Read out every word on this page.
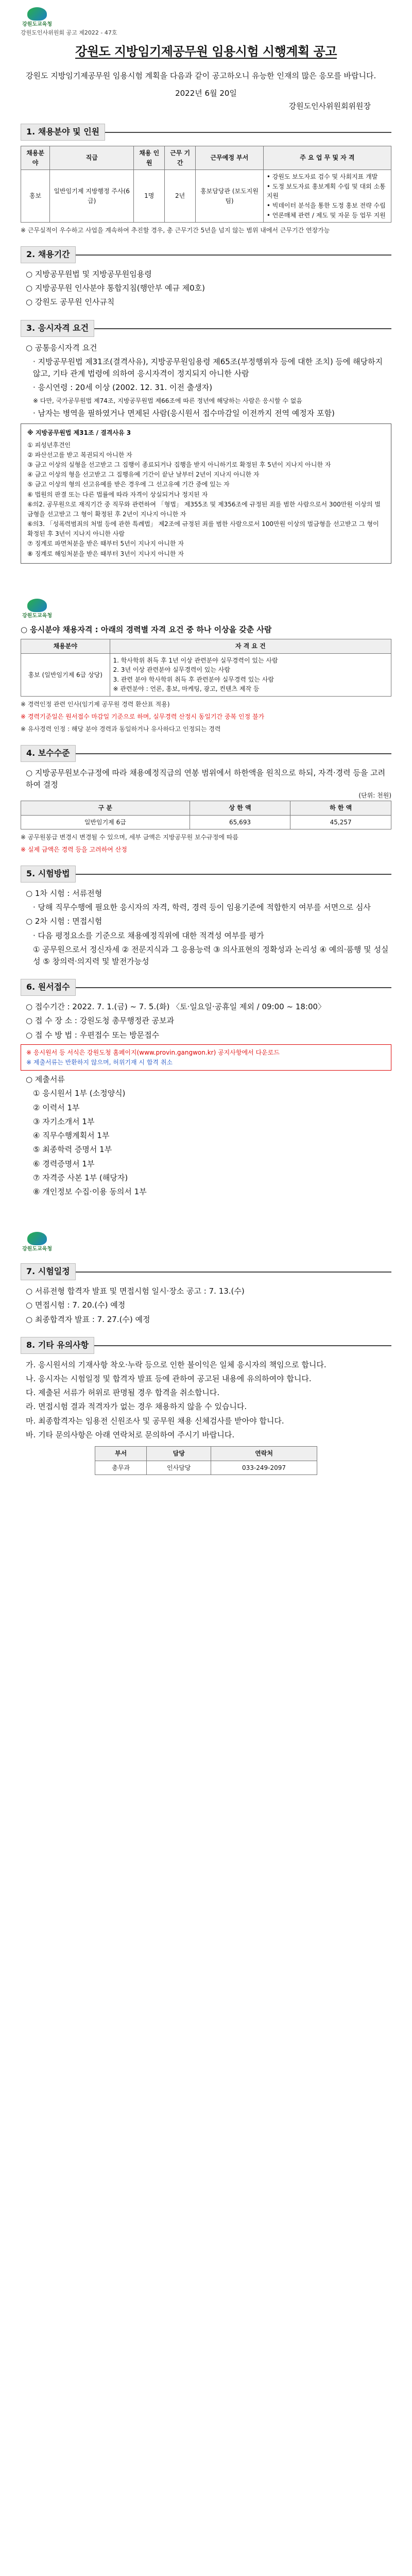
강원도교육청
강원도인사위원회 공고 제2022 - 47호
강원도 지방임기제공무원 임용시험 시행계획 공고
강원도 지방임기제공무원 임용시험 계획을 다음과 같이 공고하오니 유능한 인재의 많은 응모를 바랍니다.
2022년 6월 20일
강원도인사위원회위원장
1. 채용분야 및 인원
채용분야	직급	채용 인원	근무 기간	근무예정 부서	주 요 업 무 및 자 격
홍보	일반임기제 지방행정 주사(6급)	1명	2년	홍보담당관 (보도지원팀)	• 강원도 보도자료 검수 및 사회지표 개발
• 도정 보도자료 홍보계획 수립 및 대외 소통 지원
• 빅데이터 분석을 통한 도정 홍보 전략 수립
• 언론매체 관련 / 제도 및 자문 등 업무 지원
※ 근무실적이 우수하고 사업을 계속하여 추진할 경우, 총 근무기간 5년을 넘지 않는 범위 내에서 근무기간 연장가능
2. 채용기간
○ 지방공무원법 및 지방공무원임용령
○ 지방공무원 인사분야 통합지침(행안부 예규 제0호)
○ 강원도 공무원 인사규칙
3. 응시자격 요건
○ 공통응시자격 요건
· 지방공무원법 제31조(결격사유), 지방공무원임용령 제65조(부정행위자 등에 대한 조치) 등에 해당하지 않고, 기타 관계 법령에 의하여 응시자격이 정지되지 아니한 사람
· 응시연령 : 20세 이상 (2002. 12. 31. 이전 출생자)
※ 다만, 국가공무원법 제74조, 지방공무원법 제66조에 따른 정년에 해당하는 사람은 응시할 수 없음
· 남자는 병역을 필하였거나 면제된 사람(응시원서 접수마감일 이전까지 전역 예정자 포함)
※ 지방공무원법 제31조 / 결격사유 3
① 피성년후견인
② 파산선고를 받고 복권되지 아니한 자
③ 금고 이상의 실형을 선고받고 그 집행이 종료되거나 집행을 받지 아니하기로 확정된 후 5년이 지나지 아니한 자
④ 금고 이상의 형을 선고받고 그 집행유예 기간이 끝난 날부터 2년이 지나지 아니한 자
⑤ 금고 이상의 형의 선고유예를 받은 경우에 그 선고유예 기간 중에 있는 자
⑥ 법원의 판결 또는 다른 법률에 따라 자격이 상실되거나 정지된 자
⑥의2. 공무원으로 재직기간 중 직무와 관련하여 「형법」 제355조 및 제356조에 규정된 죄를 범한 사람으로서 300만원 이상의 벌금형을 선고받고 그 형이 확정된 후 2년이 지나지 아니한 자
⑥의3. 「성폭력범죄의 처벌 등에 관한 특례법」 제2조에 규정된 죄를 범한 사람으로서 100만원 이상의 벌금형을 선고받고 그 형이 확정된 후 3년이 지나지 아니한 사람
⑦ 징계로 파면처분을 받은 때부터 5년이 지나지 아니한 자
⑧ 징계로 해임처분을 받은 때부터 3년이 지나지 아니한 자
강원도교육청
○ 응시분야 채용자격 : 아래의 경력별 자격 요건 중 하나 이상을 갖춘 사람
채용분야	자 격 요 건
홍보 (일반임기제 6급 상당)	1. 학사학위 취득 후 1년 이상 관련분야 실무경력이 있는 사람
2. 3년 이상 관련분야 실무경력이 있는 사람
3. 관련 분야 학사학위 취득 후 관련분야 실무경력 있는 사람
※ 관련분야 : 언론, 홍보, 마케팅, 광고, 컨텐츠 제작 등
※ 경력인정 관련 인사(임기제 공무원 경력 환산표 적용)
※ 경력기준일은 원서접수 마감일 기준으로 하며, 실무경력 산정시 동일기간 중복 인정 불가
※ 유사경력 인정 : 해당 분야 경력과 동일하거나 유사하다고 인정되는 경력
4. 보수수준
○ 지방공무원보수규정에 따라 채용예정직급의 연봉 범위에서 하한액을 원칙으로 하되, 자격·경력 등을 고려하여 결정
(단위: 천원)
구 분	상 한 액	하 한 액
일반임기제 6급	65,693	45,257
※ 공무원봉급 변경시 변경될 수 있으며, 세부 금액은 지방공무원 보수규정에 따름
※ 실제 금액은 경력 등을 고려하여 산정
5. 시험방법
○ 1차 시험 : 서류전형
· 당해 직무수행에 필요한 응시자의 자격, 학력, 경력 등이 임용기준에 적합한지 여부를 서면으로 심사
○ 2차 시험 : 면접시험
· 다음 평정요소를 기준으로 채용예정직위에 대한 적격성 여부를 평가
① 공무원으로서 정신자세 ② 전문지식과 그 응용능력 ③ 의사표현의 정확성과 논리성 ④ 예의·품행 및 성실성 ⑤ 창의력·의지력 및 발전가능성
6. 원서접수
○ 접수기간 : 2022. 7. 1.(금) ~ 7. 5.(화) 〈토·일요일·공휴일 제외 / 09:00 ~ 18:00〉
○ 접 수 장 소 : 강원도청 총무행정관 공보과
○ 접 수 방 법 : 우편접수 또는 방문접수
※ 응시원서 등 서식은 강원도청 홈페이지(www.provin.gangwon.kr) 공지사항에서 다운로드
※ 제출서류는 반환하지 않으며, 허위기재 시 합격 취소
○ 제출서류
① 응시원서 1부 (소정양식)
② 이력서 1부
③ 자기소개서 1부
④ 직무수행계획서 1부
⑤ 최종학력 증명서 1부
⑥ 경력증명서 1부
⑦ 자격증 사본 1부 (해당자)
⑧ 개인정보 수집·이용 동의서 1부
강원도교육청
7. 시험일정
○ 서류전형 합격자 발표 및 면접시험 일시·장소 공고 : 7. 13.(수)
○ 면접시험 : 7. 20.(수) 예정
○ 최종합격자 발표 : 7. 27.(수) 예정
8. 기타 유의사항
가. 응시원서의 기재사항 착오·누락 등으로 인한 불이익은 일체 응시자의 책임으로 합니다.
나. 응시자는 시험일정 및 합격자 발표 등에 관하여 공고된 내용에 유의하여야 합니다.
다. 제출된 서류가 허위로 판명될 경우 합격을 취소합니다.
라. 면접시험 결과 적격자가 없는 경우 채용하지 않을 수 있습니다.
마. 최종합격자는 임용전 신원조사 및 공무원 채용 신체검사를 받아야 합니다.
바. 기타 문의사항은 아래 연락처로 문의하여 주시기 바랍니다.
부서	담당	연락처
총무과	인사담당	033-249-2097
